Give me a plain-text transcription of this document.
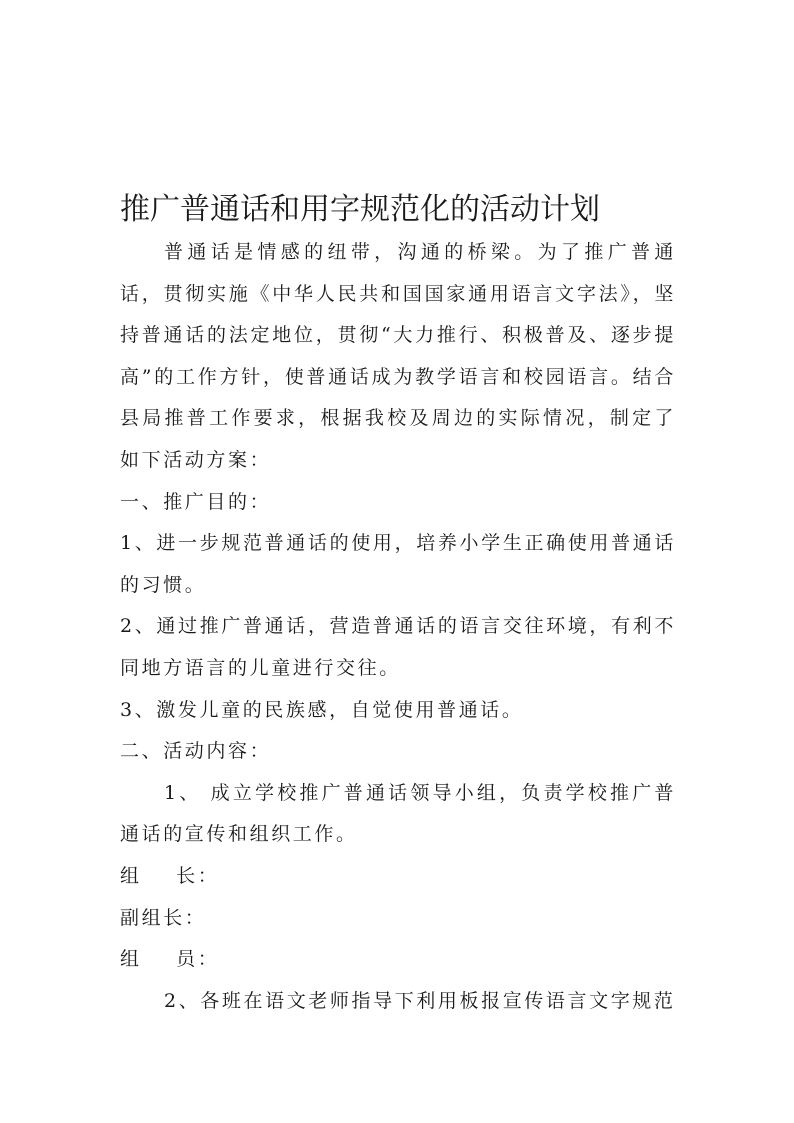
推广普通话和用字规范化的活动计划

普通话是情感的纽带，沟通的桥梁。为了推广普通话，贯彻实施《中华人民共和国国家通用语言文字法》，坚持普通话的法定地位，贯彻“大力推行、积极普及、逐步提高”的工作方针，使普通话成为教学语言和校园语言。结合县局推普工作要求，根据我校及周边的实际情况，制定了如下活动方案：

一、推广目的：

1、进一步规范普通话的使用，培养小学生正确使用普通话的习惯。

2、通过推广普通话，营造普通话的语言交往环境，有利不同地方语言的儿童进行交往。

3、激发儿童的民族感，自觉使用普通话。

二、活动内容：

1、 成立学校推广普通话领导小组，负责学校推广普通话的宣传和组织工作。

组    长：

副组长：

组    员：

2、各班在语文老师指导下利用板报宣传语言文字规范
